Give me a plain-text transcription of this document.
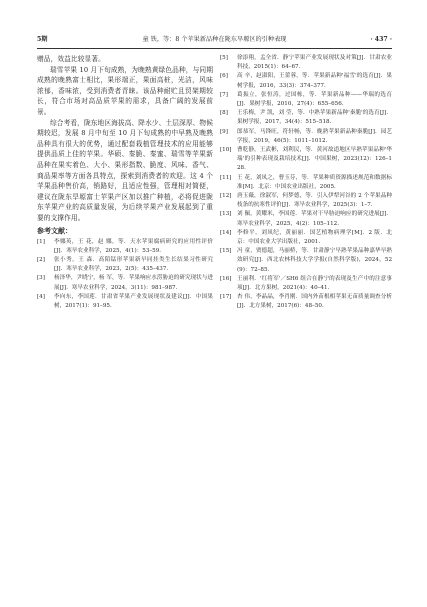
5期	童 铁，等：8 个苹果新品种在陇东旱塬区的引种表现	· 437 ·

赠品，效益比较显著。

瑞雪苹果 10 月下旬成熟，为晚熟黄绿色品种，与同期成熟的晚熟富士相比，果形端正，果面高桩，光洁，风味浓郁，香味浓，受到消费者青睐。该品种耐贮且贸架期较长，符合市场对高品质苹果的需求，具备广阔的发展前景。

综合考看，陇东地区海拔高、降水少、土层深厚、物候期较迟，发展 8 月中旬至 10 月下旬成熟的中早熟及晚熟品种具有很大的优势，通过配套栽植管理技术的应用能够提供品质上佳的苹果。华硕、秦脆、秦蜜、瑞雪等苹果新品种在果实着色、大小、果形指数、脆度、风味、香气、商品果率等方面各具特点，探索到消费者的欢迎。这 4 个苹果品种售价高，销路好，且适应性强，管理相对简便，建议在陇东旱塬富士苹果产区加以推广种植，必将促进陇东苹果产业的高质量发展，为后续苹果产业发展起到了重要的支撑作用。

参考文献：
[1] 李娜英，王 花，赵 娜，等．天水苹果腐病研究的应用性评价[J]．寒旱农业科学，2025，4(1)：53–59.
[2] 张小秀，王 森．高陌锰形苹果新早同挂类生长结果习性研究[J]．寒旱农业科学，2023，2(5)：435–437.
[3] 杨泽华，尹晓宁，杨 军，等．苹果响应水涝胁迫的研究现状与进展[J]．寒旱农业科学，2024，3(11)：981–987.
[4] 李向东，李国莲．甘肃省苹果产业发展现状及建议[J]．中国果树，2017(1)：91–95.
[5] 徐添翔，孟全省．静宁苹果产业发展现状及对策[J]．甘肃农业科技，2015(1)：64–67.
[6] 高 辛，赵淑阳，王蕾蓉，等．苹果新品种'福雪'的选育[J]．果树学报，2016，33(3)：374–377.
[7] 葛振立，张恒涛，过国栋，等．苹果新品种——华瑞的选育[J]．果树学报，2010，27(4)：655–656.
[8] 王乐梅，尹 凯，刘 莹，等．中熟苹果新品种'秦脆'的选育[J]．果树学报，2017，34(4)：515–518.
[9] 郎恭军，马锋旺，符轩畅，等．晚熟苹果新品种秦脆[J]．园艺学报，2019，46(5)：1011–1012.
[10] 曹乾静，王武彬，刘利民，等．黄河故道地区早熟苹果品种'华瑞'的引种表现及栽培技术[J]．中国果树，2023(12)：126–128.
[11] 王 花，刘凤之，曹玉芬，等．苹果种质资源描述规范和数据标准[M]．北京：中国农业出版社，2005.
[12] 唐玉薇，徐淑军，何梦德，等．引入伊犁河谷的 2 个苹果品种枝条的抗寒性评价[J]．寒旱农业科学，2025(3)：1–7.
[13] 刘 佩，黄耀米，李国莲．苹果对干旱胁迫响应的研究进展[J]．寒旱农业科学，2025，4(2)：105–112.
[14] 李修平，刘凤纪，黄丽丽．国艺植物病理学[M]．2 版．北京：中国农业大学出版社，2001.
[15] 冯 童，贾德超，马丽桥，等．甘肃静宁早熟苹果品种嘉华早熟效研究[J]．西北农林科技大学学报(自然科学版)，2024，52(9)：72–85.
[16] 王丽利．'红将军'／SH6 组合在静宁的表现及生产中的注意事项[J]．北方果树，2021(4)：40–41.
[17] 杏 伟，李晶晶，李肖刚．国内外苗根相苹果无苗质量调查分析[J]．北方果树，2017(6)：48–50.
